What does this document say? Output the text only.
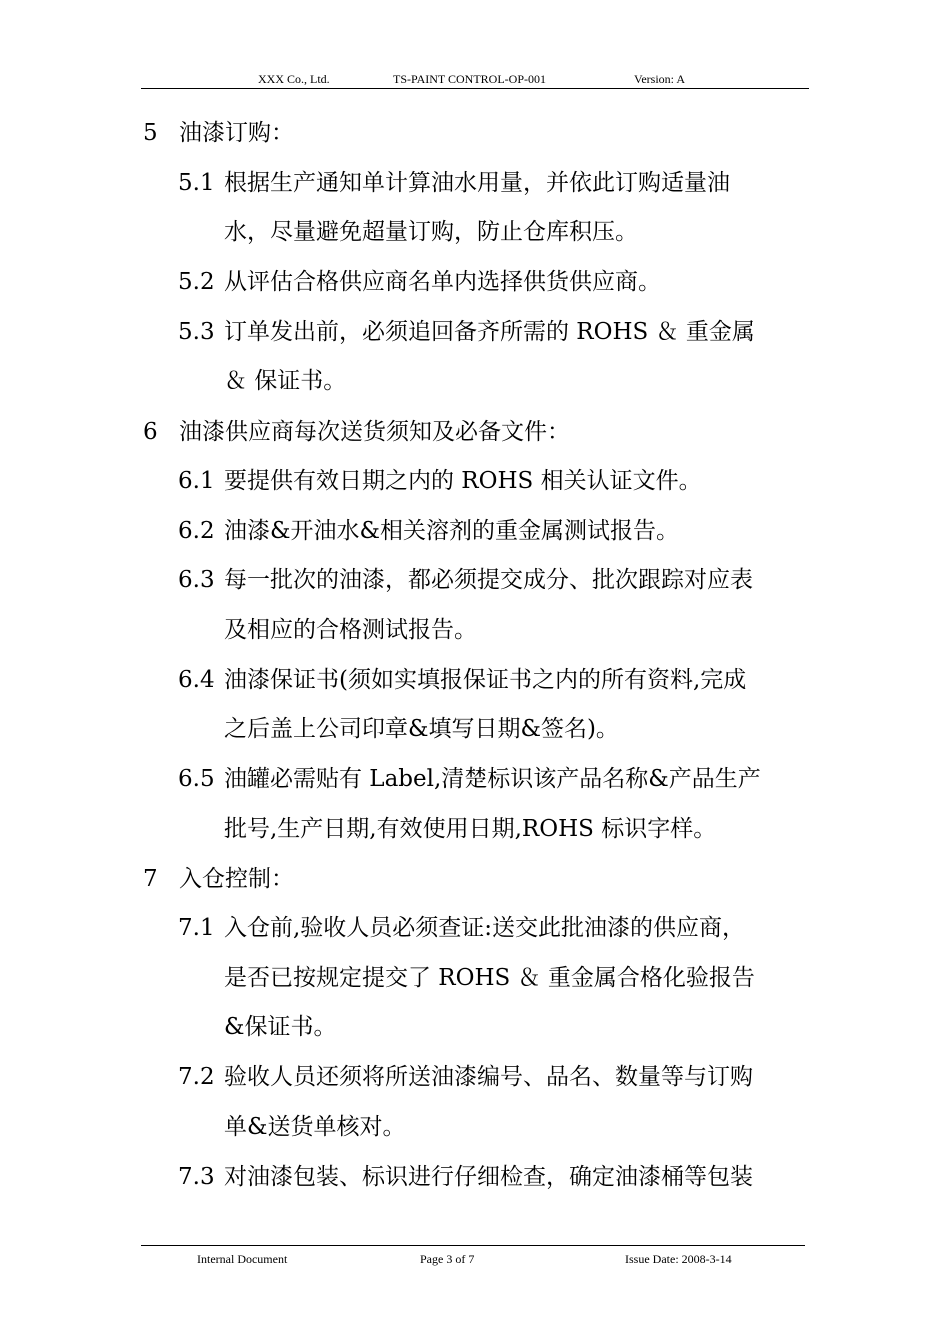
XXX Co., Ltd.	TS-PAINT CONTROL-OP-001	Version: A
5 油漆订购：
5.1 根据生产通知单计算油水用量，并依此订购适量油
水，尽量避免超量订购，防止仓库积压。
5.2 从评估合格供应商名单内选择供货供应商。
5.3 订单发出前，必须追回备齐所需的 ROHS ＆ 重金属
＆ 保证书。
6 油漆供应商每次送货须知及必备文件：
6.1 要提供有效日期之内的 ROHS 相关认证文件。
6.2 油漆&开油水&相关溶剂的重金属测试报告。
6.3 每一批次的油漆，都必须提交成分、批次跟踪对应表
及相应的合格测试报告。
6.4 油漆保证书(须如实填报保证书之内的所有资料,完成
之后盖上公司印章&填写日期&签名)。
6.5 油罐必需贴有 Label,清楚标识该产品名称&产品生产
批号,生产日期,有效使用日期,ROHS 标识字样。
7 入仓控制：
7.1 入仓前,验收人员必须查证:送交此批油漆的供应商，
是否已按规定提交了 ROHS ＆ 重金属合格化验报告
&保证书。
7.2 验收人员还须将所送油漆编号、品名、数量等与订购
单&送货单核对。
7.3 对油漆包装、标识进行仔细检查，确定油漆桶等包装
Internal Document	Page 3 of 7	Issue Date: 2008-3-14
